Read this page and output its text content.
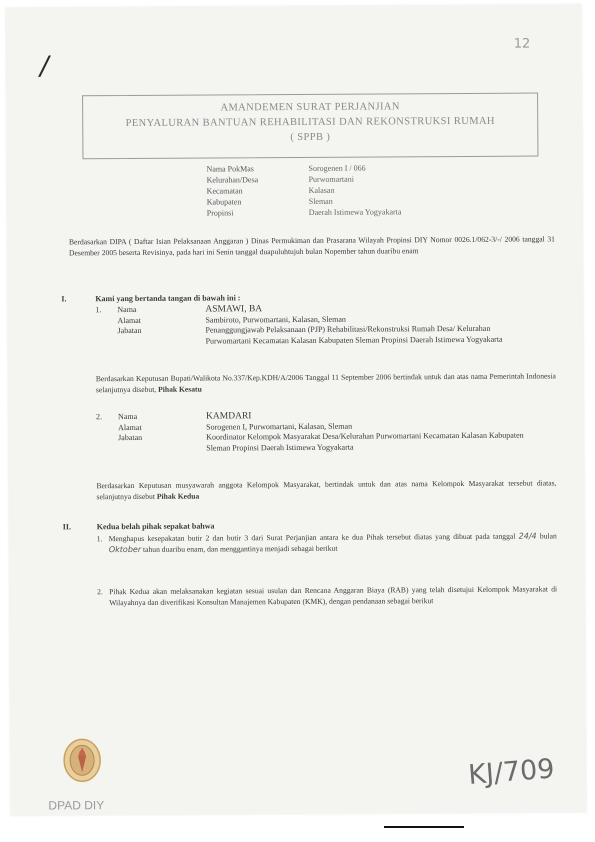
12
/
AMANDEMEN SURAT PERJANJIAN
PENYALURAN BANTUAN REHABILITASI DAN REKONSTRUKSI RUMAH
( SPPB )
Nama PokMas	Sorogenen I / 066
Kelurahan/Desa	Purwomartani
Kecamatan	Kalasan
Kabupaten	Sleman
Propinsi	Daerah Istimewa Yogyakarta
Berdasarkan DIPA ( Daftar Isian Pelaksanaan Anggaran ) Dinas Permukiman dan Prasarana Wilayah Propinsi DIY Nomor 0026.1/062-3/-/ 2006 tanggal 31 Desember 2005 beserta Revisinya, pada hari ini Senin tanggal duapuluhtujuh bulan Nopember tahun duaribu enam
I.	Kami yang bertanda tangan di bawah ini :
1.	Nama	ASMAWI, BA
Alamat	Sambiroto, Purwomartani, Kalasan, Sleman
Jabatan	Penanggungjawab Pelaksanaan (PJP) Rehabilitasi/Rekonstruksi Rumah Desa/ Kelurahan Purwomartani Kecamatan Kalasan Kabupaten Sleman Propinsi Daerah Istimewa Yogyakarta
Berdasarkan Keputusan Bupati/Walikota No.337/Kep.KDH/A/2006 Tanggal 11 September 2006 bertindak untuk dan atas nama Pemerintah Indonesia selanjutnya disebut, Pihak Kesatu
2.	Nama	KAMDARI
Alamat	Sorogenen I, Purwomartani, Kalasan, Sleman
Jabatan	Koordinator Kelompok Masyarakat Desa/Kelurahan Purwomartani Kecamatan Kalasan Kabupaten Sleman Propinsi Daerah Istimewa Yogyakarta
Berdasarkan Keputusan musyawarah anggota Kelompok Masyarakat, bertindak untuk dan atas nama Kelompok Masyarakat tersebut diatas, selanjutnya disebut Pihak Kedua
II.	Kedua belah pihak sepakat bahwa
1. Menghapus kesepakatan butir 2 dan butir 3 dari Surat Perjanjian antara ke dua Pihak tersebut diatas yang dibuat pada tanggal 24/4 bulan Oktober tahun duaribu enam, dan menggantinya menjadi sebagai berikut
2. Pihak Kedua akan melaksanakan kegiatan sesuai usulan dan Rencana Anggaran Biaya (RAB) yang telah disetujui Kelompok Masyarakat di Wilayahnya dan diverifikasi Konsultan Manajemen Kabupaten (KMK), dengan pendanaan sebagai berikut
DPAD DIY
KJ/709
